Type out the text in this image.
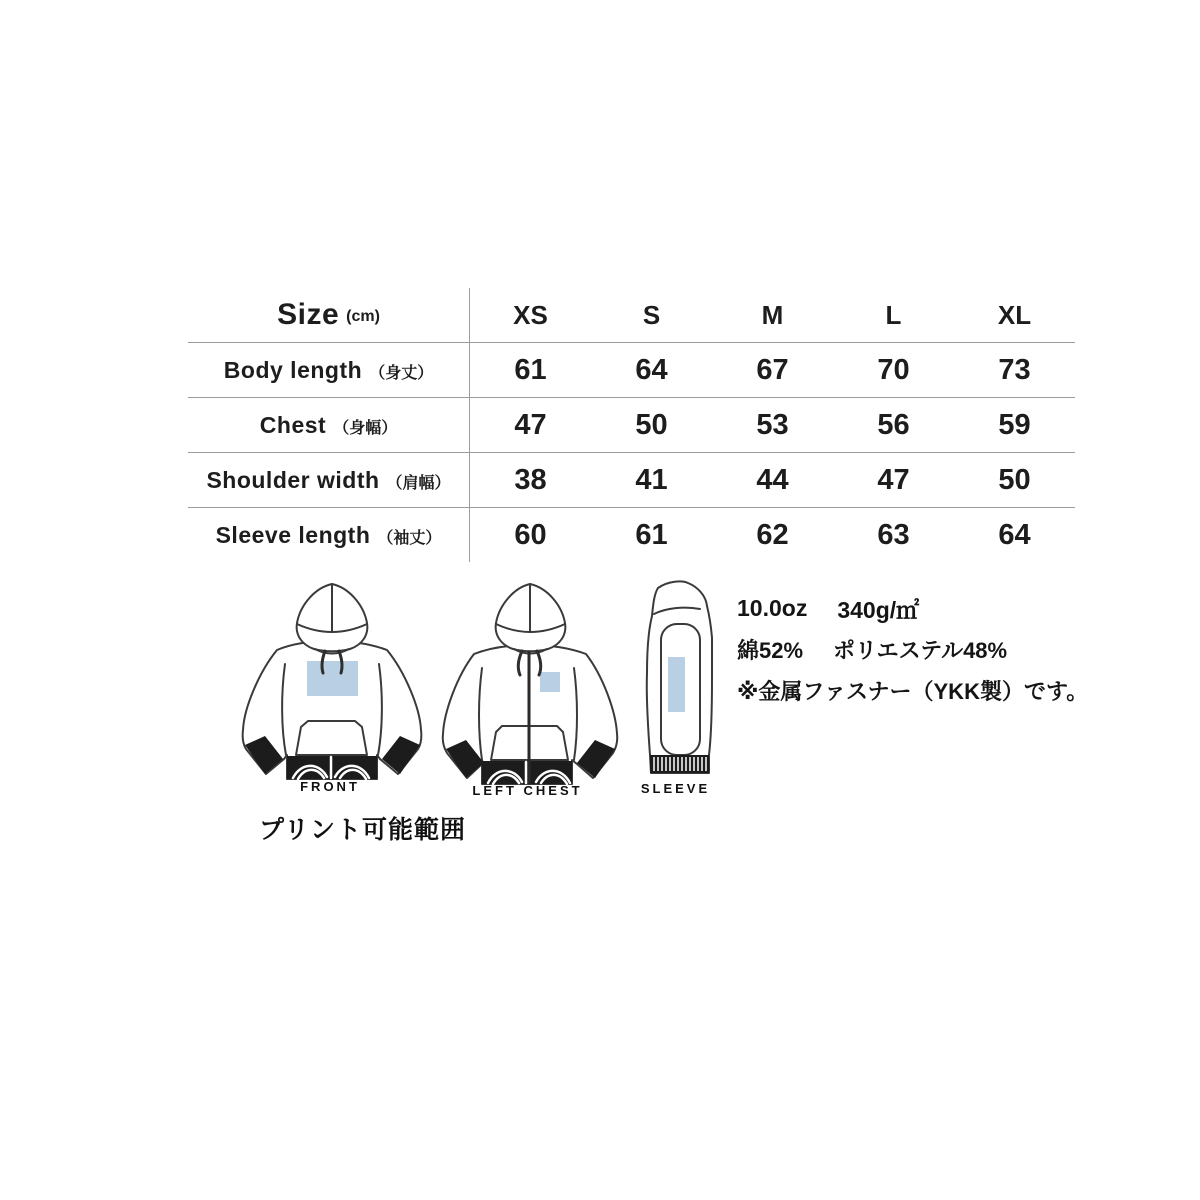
Size (cm)	XS	S	M	L	XL
Body length （身丈）	61	64	67	70	73
Chest （身幅）	47	50	53	56	59
Shoulder width （肩幅）	38	41	44	47	50
Sleeve length （袖丈）	60	61	62	63	64
FRONT	LEFT CHEST	SLEEVE
プリント可能範囲
10.0oz 340g/㎡
綿52% ポリエステル48%
※金属ファスナー（YKK製）です。
